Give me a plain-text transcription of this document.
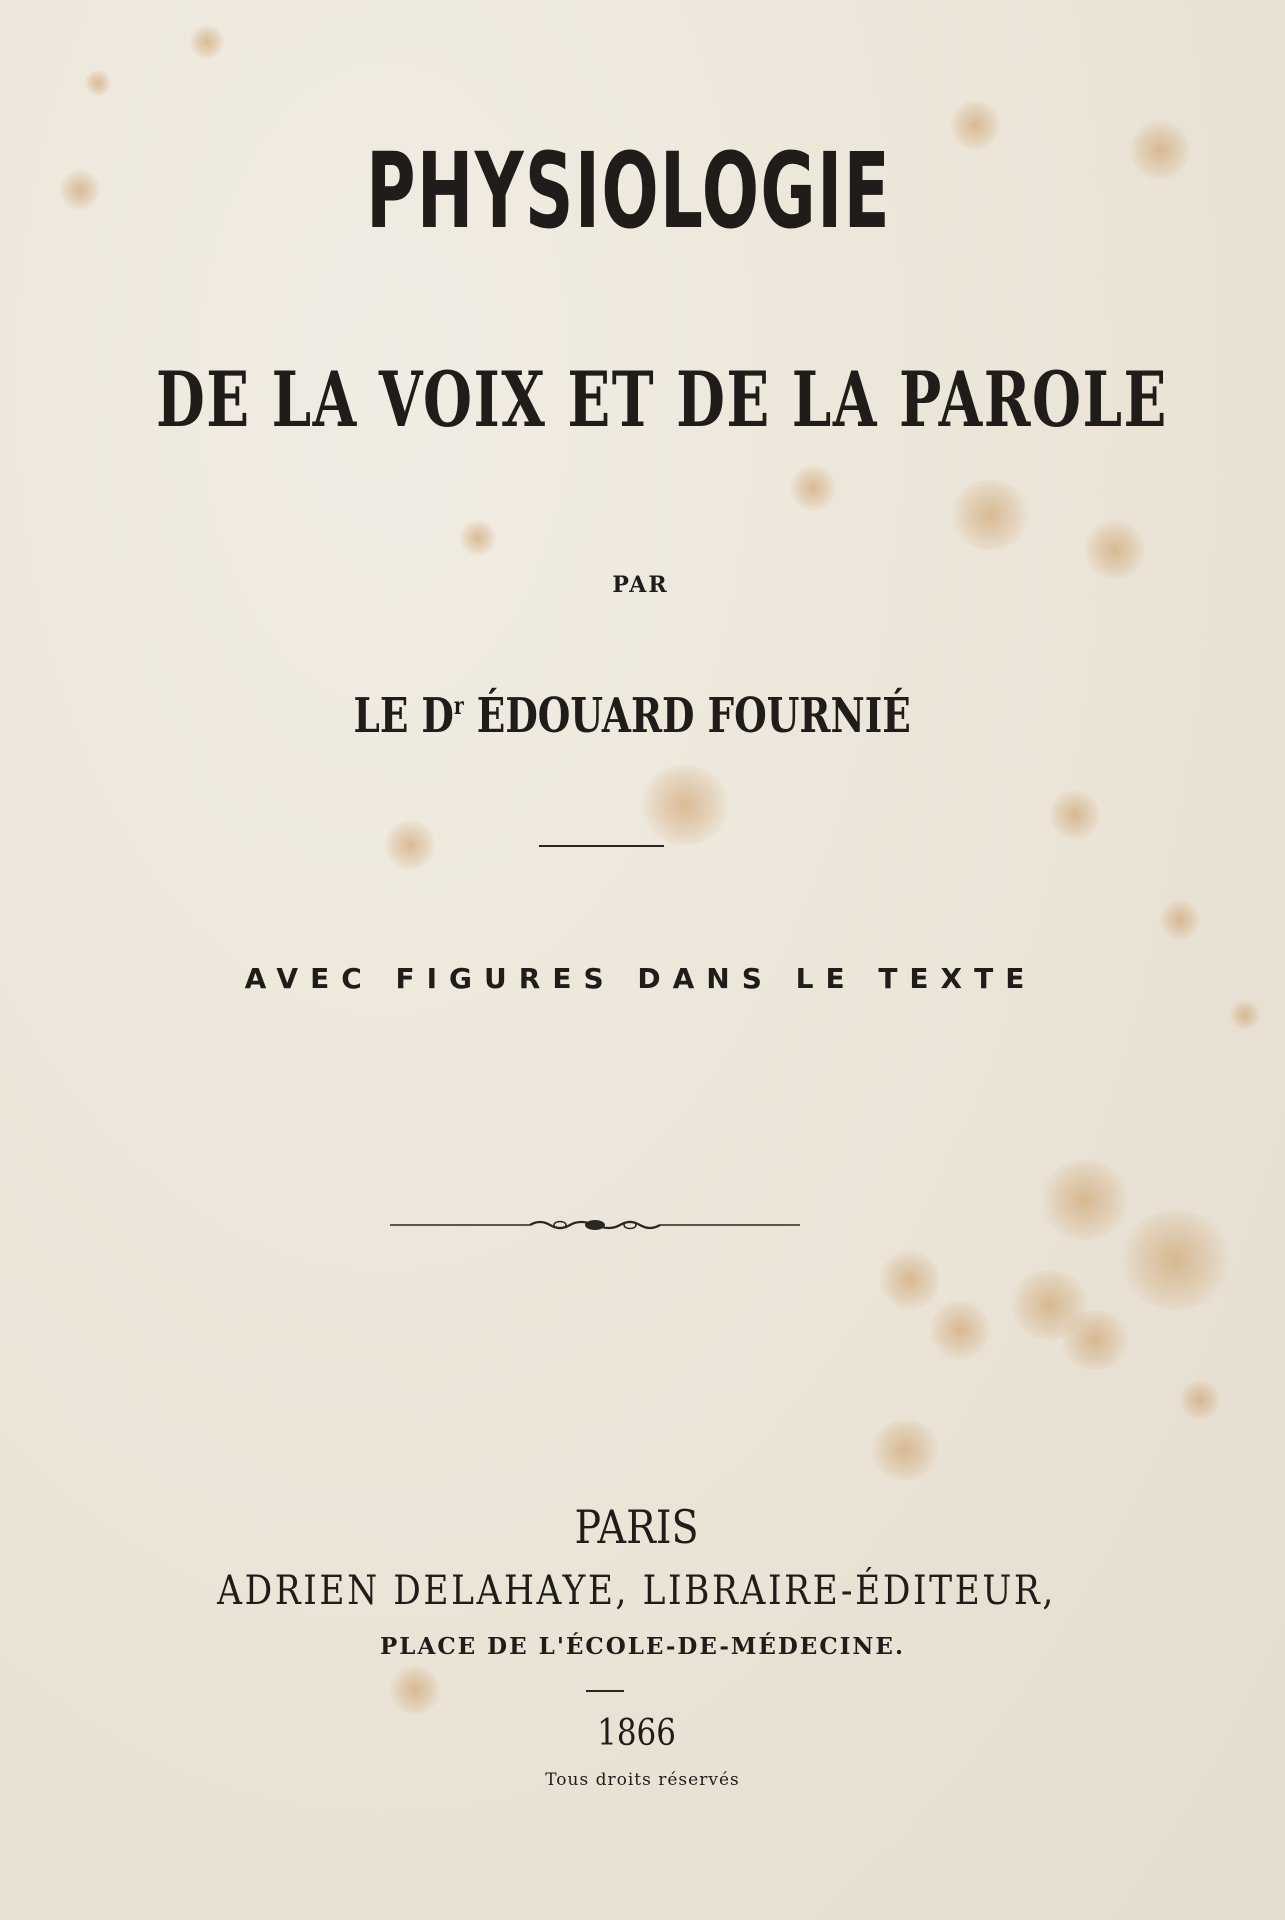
PHYSIOLOGIE
DE LA VOIX ET DE LA PAROLE
PAR
LE $D^r$ ÉDOUARD FOURNIÉ
AVEC FIGURES DANS LE TEXTE
PARIS
ADRIEN DELAHAYE, LIBRAIRE-ÉDITEUR,
PLACE DE L'ÉCOLE-DE-MÉDECINE.
1866
Tous droits réservés
